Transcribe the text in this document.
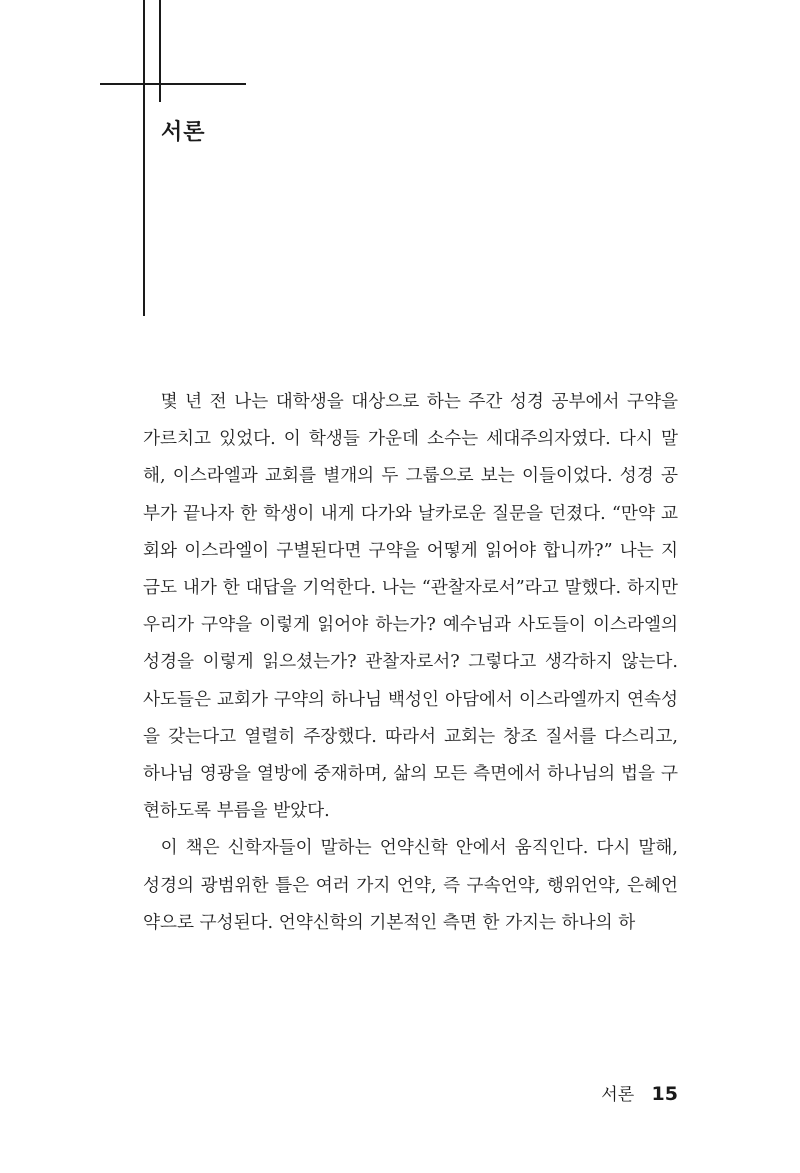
서론

몇 년 전 나는 대학생을 대상으로 하는 주간 성경 공부에서 구약을 가르치고 있었다. 이 학생들 가운데 소수는 세대주의자였다. 다시 말해, 이스라엘과 교회를 별개의 두 그룹으로 보는 이들이었다. 성경 공부가 끝나자 한 학생이 내게 다가와 날카로운 질문을 던졌다. “만약 교회와 이스라엘이 구별된다면 구약을 어떻게 읽어야 합니까?” 나는 지금도 내가 한 대답을 기억한다. 나는 “관찰자로서”라고 말했다. 하지만 우리가 구약을 이렇게 읽어야 하는가? 예수님과 사도들이 이스라엘의 성경을 이렇게 읽으셨는가? 관찰자로서? 그렇다고 생각하지 않는다. 사도들은 교회가 구약의 하나님 백성인 아담에서 이스라엘까지 연속성을 갖는다고 열렬히 주장했다. 따라서 교회는 창조 질서를 다스리고, 하나님 영광을 열방에 중재하며, 삶의 모든 측면에서 하나님의 법을 구현하도록 부름을 받았다.

이 책은 신학자들이 말하는 언약신학 안에서 움직인다. 다시 말해, 성경의 광범위한 틀은 여러 가지 언약, 즉 구속언약, 행위언약, 은혜언약으로 구성된다. 언약신학의 기본적인 측면 한 가지는 하나의 하

서론 15
